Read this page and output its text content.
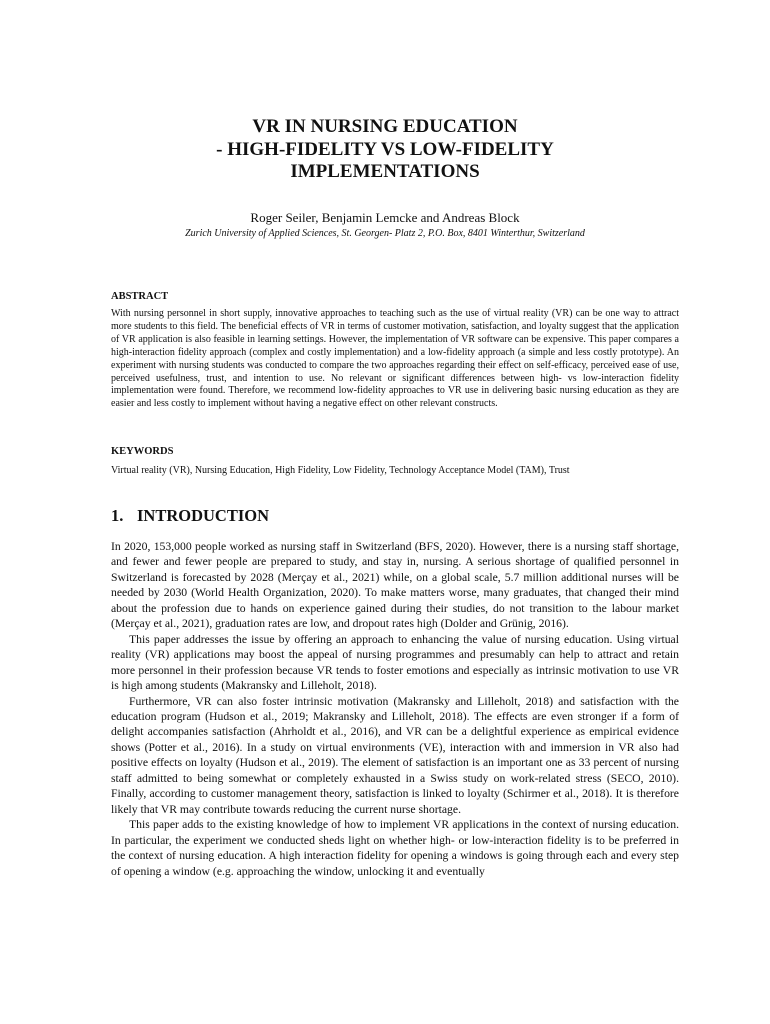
VR IN NURSING EDUCATION
- HIGH-FIDELITY VS LOW-FIDELITY
IMPLEMENTATIONS
Roger Seiler, Benjamin Lemcke and Andreas Block
Zurich University of Applied Sciences, St. Georgen- Platz 2, P.O. Box, 8401 Winterthur, Switzerland
ABSTRACT

With nursing personnel in short supply, innovative approaches to teaching such as the use of virtual reality (VR) can be one way to attract more students to this field. The beneficial effects of VR in terms of customer motivation, satisfaction, and loyalty suggest that the application of VR application is also feasible in learning settings. However, the implementation of VR software can be expensive. This paper compares a high-interaction fidelity approach (complex and costly implementation) and a low-fidelity approach (a simple and less costly prototype). An experiment with nursing students was conducted to compare the two approaches regarding their effect on self-efficacy, perceived ease of use, perceived usefulness, trust, and intention to use. No relevant or significant differences between high- vs low-interaction fidelity implementation were found. Therefore, we recommend low-fidelity approaches to VR use in delivering basic nursing education as they are easier and less costly to implement without having a negative effect on other relevant constructs.

KEYWORDS

Virtual reality (VR), Nursing Education, High Fidelity, Low Fidelity, Technology Acceptance Model (TAM), Trust

1. INTRODUCTION

In 2020, 153,000 people worked as nursing staff in Switzerland (BFS, 2020). However, there is a nursing staff shortage, and fewer and fewer people are prepared to study, and stay in, nursing. A serious shortage of qualified personnel in Switzerland is forecasted by 2028 (Merçay et al., 2021) while, on a global scale, 5.7 million additional nurses will be needed by 2030 (World Health Organization, 2020). To make matters worse, many graduates, that changed their mind about the profession due to hands on experience gained during their studies, do not transition to the labour market (Merçay et al., 2021), graduation rates are low, and dropout rates high (Dolder and Grünig, 2016).

This paper addresses the issue by offering an approach to enhancing the value of nursing education. Using virtual reality (VR) applications may boost the appeal of nursing programmes and presumably can help to attract and retain more personnel in their profession because VR tends to foster emotions and especially as intrinsic motivation to use VR is high among students (Makransky and Lilleholt, 2018).

Furthermore, VR can also foster intrinsic motivation (Makransky and Lilleholt, 2018) and satisfaction with the education program (Hudson et al., 2019; Makransky and Lilleholt, 2018). The effects are even stronger if a form of delight accompanies satisfaction (Ahrholdt et al., 2016), and VR can be a delightful experience as empirical evidence shows (Potter et al., 2016). In a study on virtual environments (VE), interaction with and immersion in VR also had positive effects on loyalty (Hudson et al., 2019). The element of satisfaction is an important one as 33 percent of nursing staff admitted to being somewhat or completely exhausted in a Swiss study on work-related stress (SECO, 2010). Finally, according to customer management theory, satisfaction is linked to loyalty (Schirmer et al., 2018). It is therefore likely that VR may contribute towards reducing the current nurse shortage.

This paper adds to the existing knowledge of how to implement VR applications in the context of nursing education. In particular, the experiment we conducted sheds light on whether high- or low-interaction fidelity is to be preferred in the context of nursing education. A high interaction fidelity for opening a windows is going through each and every step of opening a window (e.g. approaching the window, unlocking it and eventually
